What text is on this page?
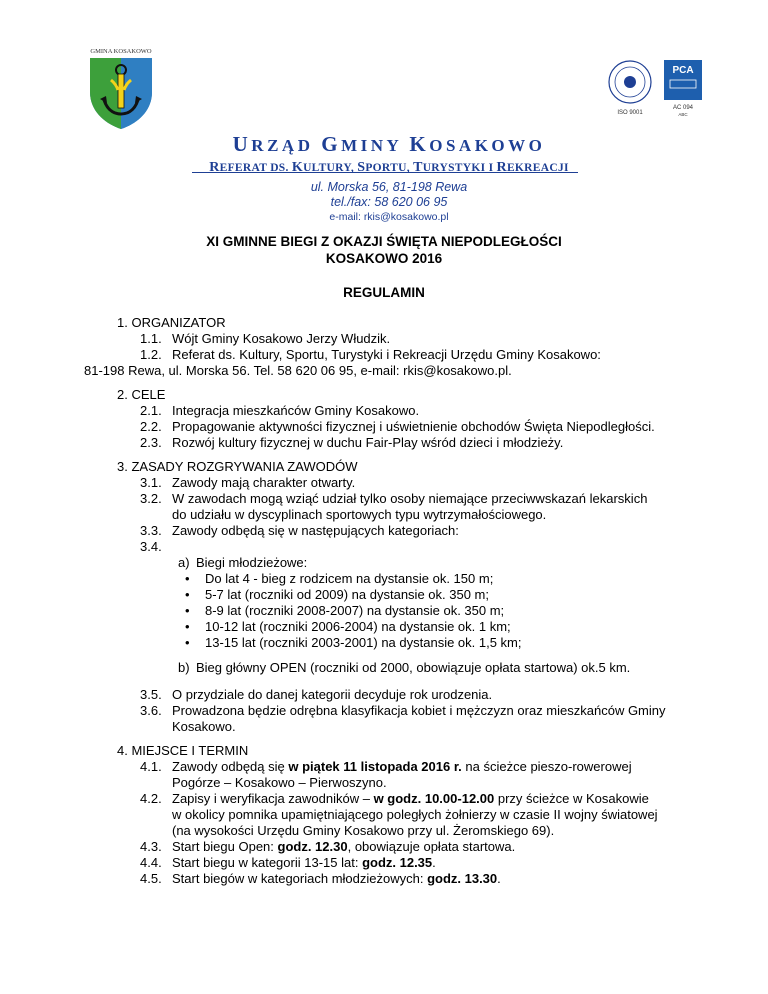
GMINA KOSAKOWO
ISO 9001
PCA
AC 094
ABC
URZĄD GMINY KOSAKOWO
REFERAT DS. KULTURY, SPORTU, TURYSTYKI I REKREACJI
ul. Morska 56, 81-198 Rewa
tel./fax: 58 620 06 95
e-mail: rkis@kosakowo.pl
XI GMINNE BIEGI Z OKAZJI ŚWIĘTA NIEPODLEGŁOŚCI
KOSAKOWO 2016
REGULAMIN
1. ORGANIZATOR
1.1. Wójt Gminy Kosakowo Jerzy Włudzik.
1.2. Referat ds. Kultury, Sportu, Turystyki i Rekreacji Urzędu Gminy Kosakowo:
81-198 Rewa, ul. Morska 56. Tel. 58 620 06 95, e-mail: rkis@kosakowo.pl.
2. CELE
2.1. Integracja mieszkańców Gminy Kosakowo.
2.2. Propagowanie aktywności fizycznej i uświetnienie obchodów Święta Niepodległości.
2.3. Rozwój kultury fizycznej w duchu Fair-Play wśród dzieci i młodzieży.
3. ZASADY ROZGRYWANIA ZAWODÓW
3.1. Zawody mają charakter otwarty.
3.2. W zawodach mogą wziąć udział tylko osoby niemające przeciwwskazań lekarskich
do udziału w dyscyplinach sportowych typu wytrzymałościowego.
3.3. Zawody odbędą się w następujących kategoriach:
3.4.
a) Biegi młodzieżowe:
• Do lat 4 - bieg z rodzicem na dystansie ok. 150 m;
• 5-7 lat (roczniki od 2009) na dystansie ok. 350 m;
• 8-9 lat (roczniki 2008-2007) na dystansie ok. 350 m;
• 10-12 lat (roczniki 2006-2004) na dystansie ok. 1 km;
• 13-15 lat (roczniki 2003-2001) na dystansie ok. 1,5 km;
b) Bieg główny OPEN (roczniki od 2000, obowiązuje opłata startowa) ok.5 km.
3.5. O przydziale do danej kategorii decyduje rok urodzenia.
3.6. Prowadzona będzie odrębna klasyfikacja kobiet i mężczyzn oraz mieszkańców Gminy
Kosakowo.
4. MIEJSCE I TERMIN
4.1. Zawody odbędą się w piątek 11 listopada 2016 r. na ścieżce pieszo-rowerowej
Pogórze – Kosakowo – Pierwoszyno.
4.2. Zapisy i weryfikacja zawodników – w godz. 10.00-12.00 przy ścieżce w Kosakowie
w okolicy pomnika upamiętniającego poległych żołnierzy w czasie II wojny światowej
(na wysokości Urzędu Gminy Kosakowo przy ul. Żeromskiego 69).
4.3. Start biegu Open: godz. 12.30, obowiązuje opłata startowa.
4.4. Start biegu w kategorii 13-15 lat: godz. 12.35.
4.5. Start biegów w kategoriach młodzieżowych: godz. 13.30.
